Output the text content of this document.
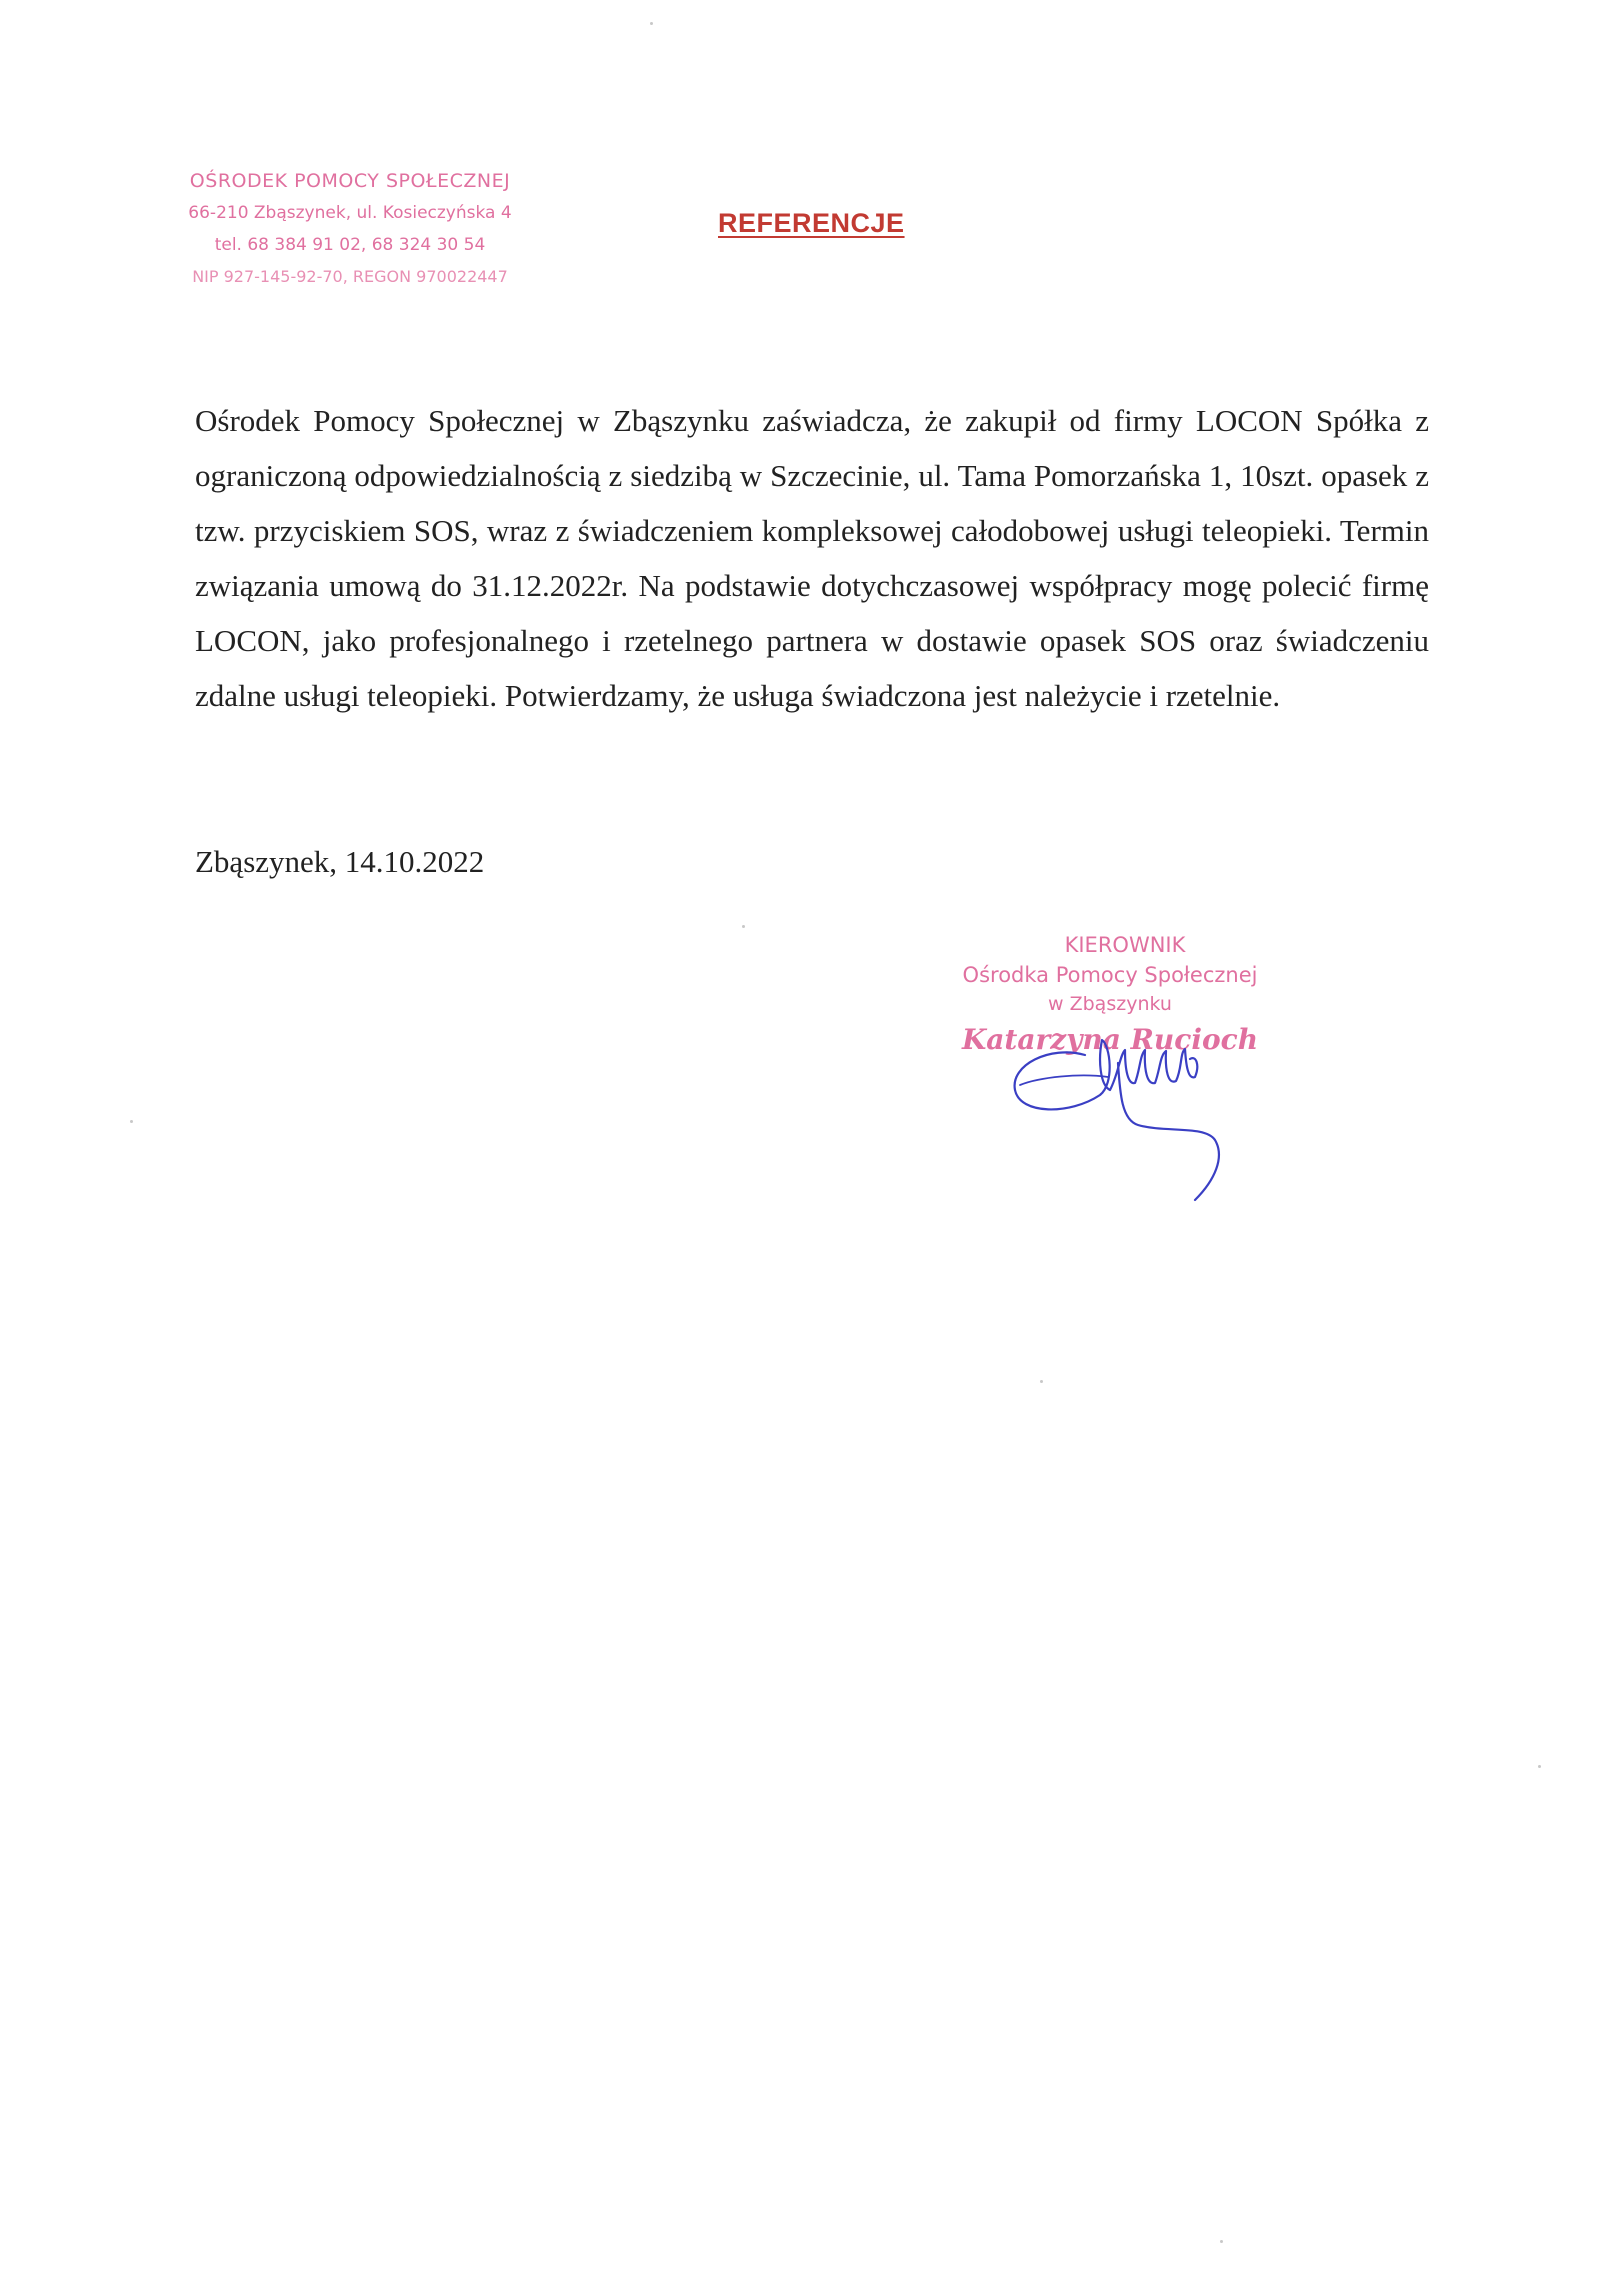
OŚRODEK POMOCY SPOŁECZNEJ
66-210 Zbąszynek, ul. Kosieczyńska 4
tel. 68 384 91 02, 68 324 30 54
NIP 927-145-92-70, REGON 970022447
REFERENCJE
Ośrodek Pomocy Społecznej w Zbąszynku zaświadcza, że zakupił od firmy LOCON Spółka z ograniczoną odpowiedzialnością z siedzibą w Szczecinie, ul. Tama Pomorzańska 1, 10szt. opasek z tzw. przyciskiem SOS, wraz z świadczeniem kompleksowej całodobowej usługi teleopieki. Termin związania umową do 31.12.2022r. Na podstawie dotychczasowej współpracy mogę polecić firmę LOCON, jako profesjonalnego i rzetelnego partnera w dostawie opasek SOS oraz świadczeniu zdalne usługi teleopieki. Potwierdzamy, że usługa świadczona jest należycie i rzetelnie.
Zbąszynek, 14.10.2022
KIEROWNIK
Ośrodka Pomocy Społecznej
w Zbąszynku
Katarzyna Rucioch
